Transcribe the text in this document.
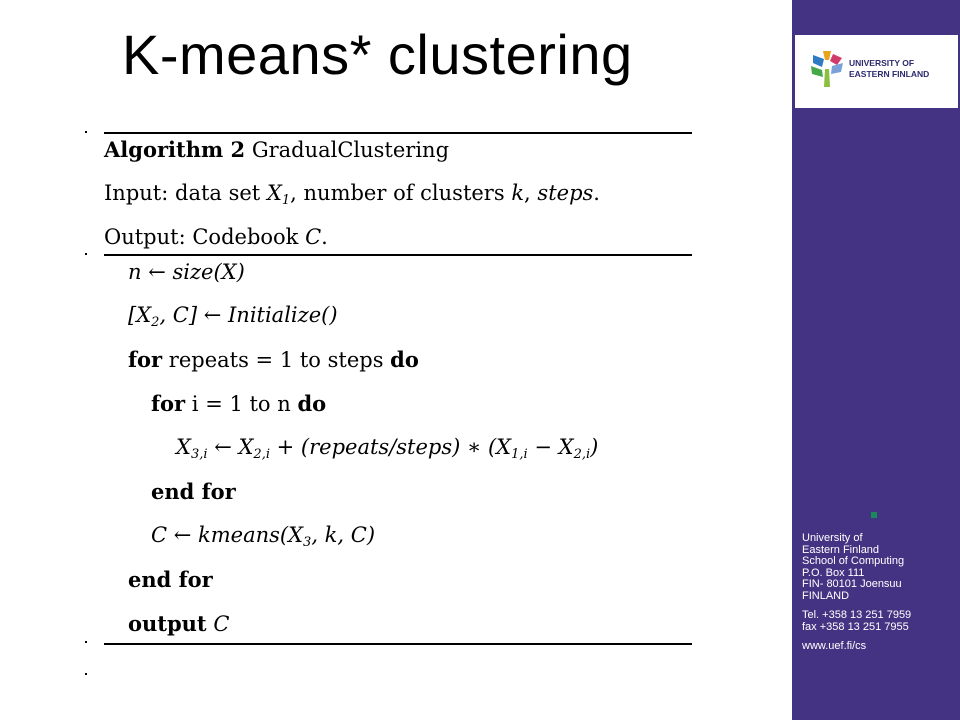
K-means* clustering
Algorithm 2 GradualClustering
Input: data set $X_1$, number of clusters k, steps.
Output: Codebook C.
n ← size(X)
[$X_2$, C] ← Initialize()
for repeats = 1 to steps do
for i = 1 to n do
$X_{3,i}$ ← $X_{2,i}$ + (repeats/steps) ∗ $(X_{1,i} - X_{2,i})$
end for
C ← $kmeans(X_3$, k, C)
end for
output C
UNIVERSITY OF
EASTERN FINLAND
University of
Eastern Finland
School of Computing
P.O. Box 111
FIN- 80101 Joensuu
FINLAND
Tel. +358 13 251 7959
fax +358 13 251 7955
www.uef.fi/cs
